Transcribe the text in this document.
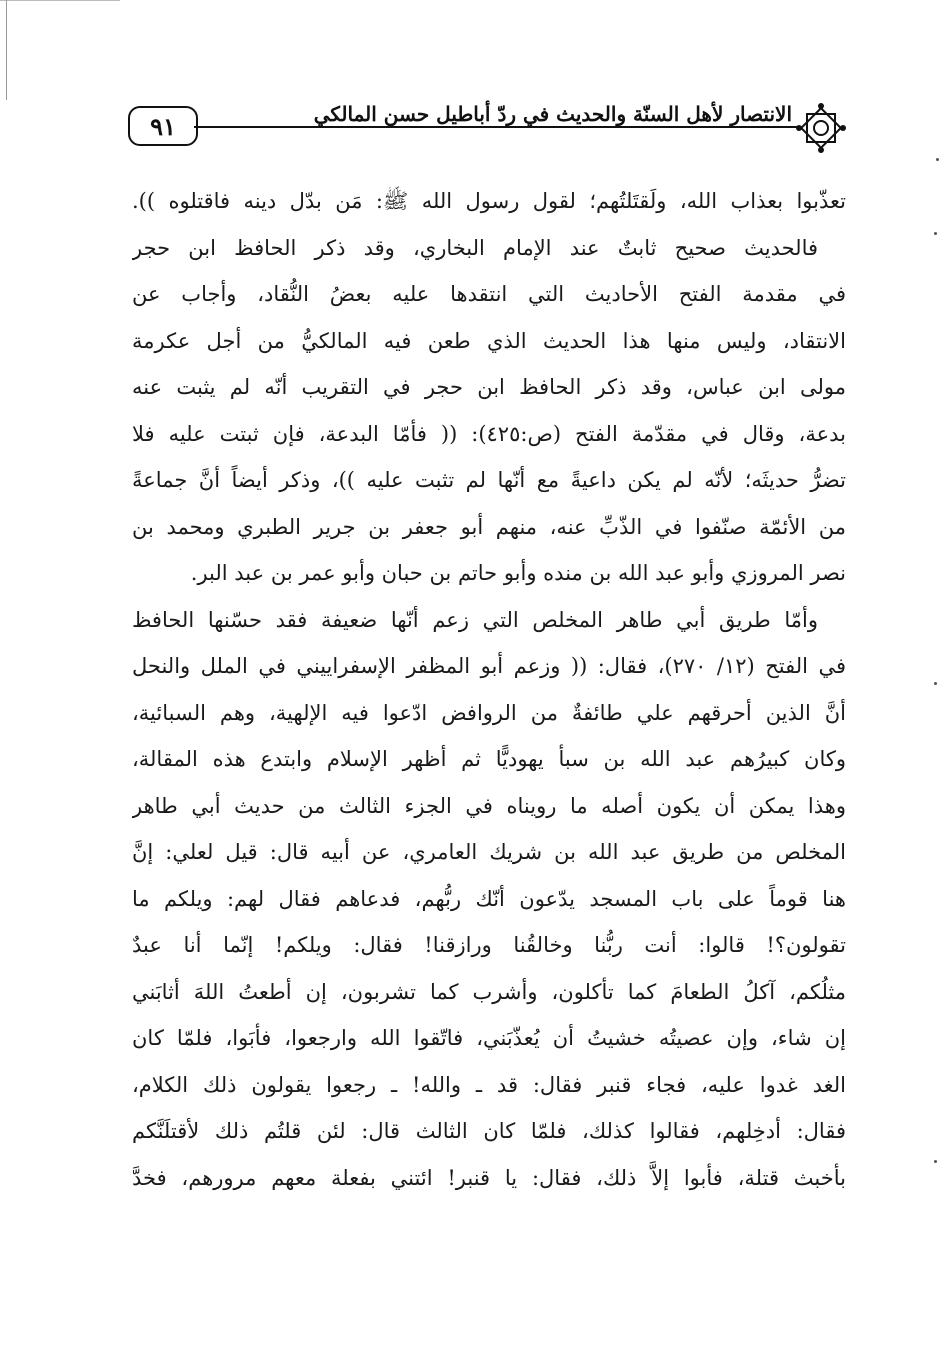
٩١	الانتصار لأهل السنّة والحديث في ردّ أباطيل حسن المالكي
تعذّبوا بعذاب الله، ولَقتَلتُهم؛ لقول رسول الله ﷺ: مَن بدّل دينه فاقتلوه )).
فالحديث صحيح ثابتٌ عند الإمام البخاري، وقد ذكر الحافظ ابن حجر
في مقدمة الفتح الأحاديث التي انتقدها عليه بعضُ النُّقاد، وأجاب عن
الانتقاد، وليس منها هذا الحديث الذي طعن فيه المالكيُّ من أجل عكرمة
مولى ابن عباس، وقد ذكر الحافظ ابن حجر في التقريب أنّه لم يثبت عنه
بدعة، وقال في مقدّمة الفتح (ص:٤٢٥): (( فأمّا البدعة، فإن ثبتت عليه فلا
تضرُّ حديثَه؛ لأنّه لم يكن داعيةً مع أنّها لم تثبت عليه ))، وذكر أيضاً أنَّ جماعةً
من الأئمّة صنّفوا في الذّبِّ عنه، منهم أبو جعفر بن جرير الطبري ومحمد بن
نصر المروزي وأبو عبد الله بن منده وأبو حاتم بن حبان وأبو عمر بن عبد البر.
وأمّا طريق أبي طاهر المخلص التي زعم أنّها ضعيفة فقد حسّنها الحافظ
في الفتح (١٢/ ٢٧٠)، فقال: (( وزعم أبو المظفر الإسفراييني في الملل والنحل
أنَّ الذين أحرقهم علي طائفةٌ من الروافض ادّعوا فيه الإلهية، وهم السبائية،
وكان كبيرُهم عبد الله بن سبأ يهوديًّا ثم أظهر الإسلام وابتدع هذه المقالة،
وهذا يمكن أن يكون أصله ما رويناه في الجزء الثالث من حديث أبي طاهر
المخلص من طريق عبد الله بن شريك العامري، عن أبيه قال: قيل لعلي: إنَّ
هنا قوماً على باب المسجد يدّعون أنّك ربُّهم، فدعاهم فقال لهم: ويلكم ما
تقولون؟! قالوا: أنت ربُّنا وخالقُنا ورازقنا! فقال: ويلكم! إنّما أنا عبدٌ
مثلُكم، آكلُ الطعامَ كما تأكلون، وأشرب كما تشربون، إن أطعتُ اللهَ أثابَني
إن شاء، وإن عصيتُه خشيتُ أن يُعذّبَني، فاتّقوا الله وارجعوا، فأبَوا، فلمّا كان
الغد غدوا عليه، فجاء قنبر فقال: قد ـ والله! ـ رجعوا يقولون ذلك الكلام،
فقال: أدخِلهم، فقالوا كذلك، فلمّا كان الثالث قال: لئن قلتُم ذلك لأقتلَنَّكم
بأخبث قتلة، فأبوا إلاَّ ذلك، فقال: يا قنبر! ائتني بفعلة معهم مرورهم، فخدَّ
